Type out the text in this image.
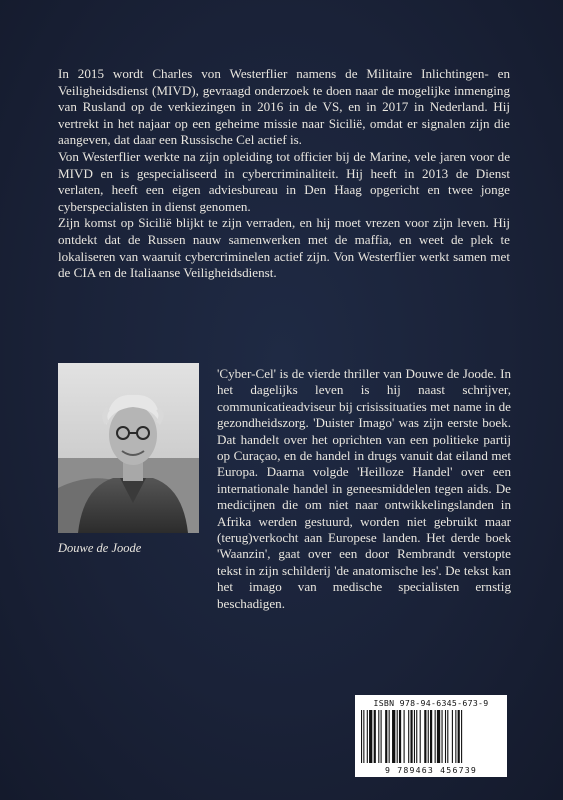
In 2015 wordt Charles von Westerflier namens de Militaire Inlichtingen- en Veiligheidsdienst (MIVD), gevraagd onderzoek te doen naar de mogelijke inmenging van Rusland op de verkiezingen in 2016 in de VS, en in 2017 in Nederland. Hij vertrekt in het najaar op een geheime missie naar Sicilië, omdat er signalen zijn die aangeven, dat daar een Russische Cel actief is.

Von Westerflier werkte na zijn opleiding tot officier bij de Marine, vele jaren voor de MIVD en is gespecialiseerd in cybercriminaliteit. Hij heeft in 2013 de Dienst verlaten, heeft een eigen adviesbureau in Den Haag opgericht en twee jonge cyberspecialisten in dienst genomen.

Zijn komst op Sicilië blijkt te zijn verraden, en hij moet vrezen voor zijn leven. Hij ontdekt dat de Russen nauw samenwerken met de maffia, en weet de plek te lokaliseren van waaruit cybercriminelen actief zijn. Von Westerflier werkt samen met de CIA en de Italiaanse Veiligheidsdienst.

Douwe de Joode
'Cyber-Cel' is de vierde thriller van Douwe de Joode. In het dagelijks leven is hij naast schrijver, communicatieadviseur bij crisissituaties met name in de gezondheidszorg. 'Duister Imago' was zijn eerste boek. Dat handelt over het oprichten van een politieke partij op Curaçao, en de handel in drugs vanuit dat eiland met Europa. Daarna volgde 'Heilloze Handel' over een internationale handel in geneesmiddelen tegen aids. De medicijnen die om niet naar ontwikkelingslanden in Afrika werden gestuurd, worden niet gebruikt maar (terug)verkocht aan Europese landen. Het derde boek 'Waanzin', gaat over een door Rembrandt verstopte tekst in zijn schilderij 'de anatomische les'. De tekst kan het imago van medische specialisten ernstig beschadigen.
ISBN 978-94-6345-673-9
9 789463 456739
